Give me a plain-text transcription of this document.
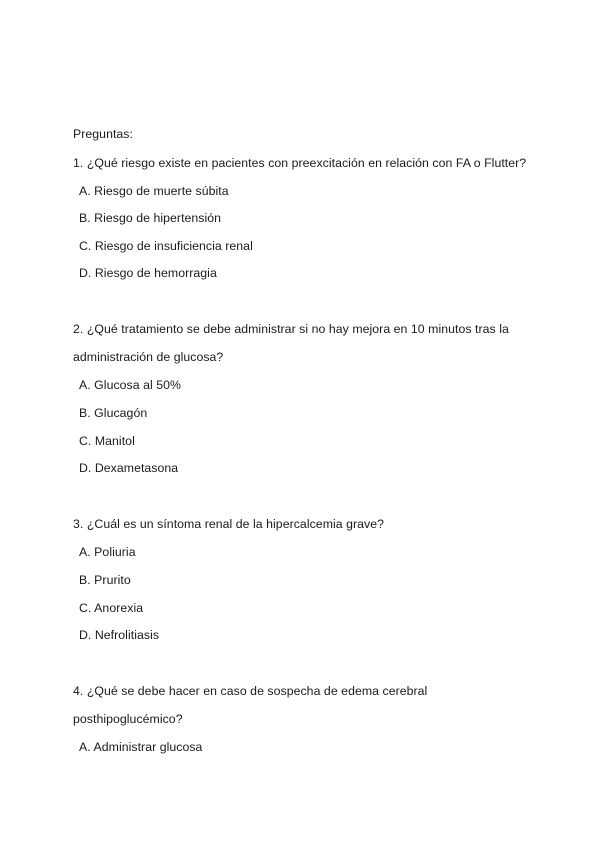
Preguntas:
1. ¿Qué riesgo existe en pacientes con preexcitación en relación con FA o Flutter?
A. Riesgo de muerte súbita
B. Riesgo de hipertensión
C. Riesgo de insuficiencia renal
D. Riesgo de hemorragia
2. ¿Qué tratamiento se debe administrar si no hay mejora en 10 minutos tras la
administración de glucosa?
A. Glucosa al 50%
B. Glucagón
C. Manitol
D. Dexametasona
3. ¿Cuál es un síntoma renal de la hipercalcemia grave?
A. Poliuria
B. Prurito
C. Anorexia
D. Nefrolitiasis
4. ¿Qué se debe hacer en caso de sospecha de edema cerebral
posthipoglucémico?
A. Administrar glucosa
